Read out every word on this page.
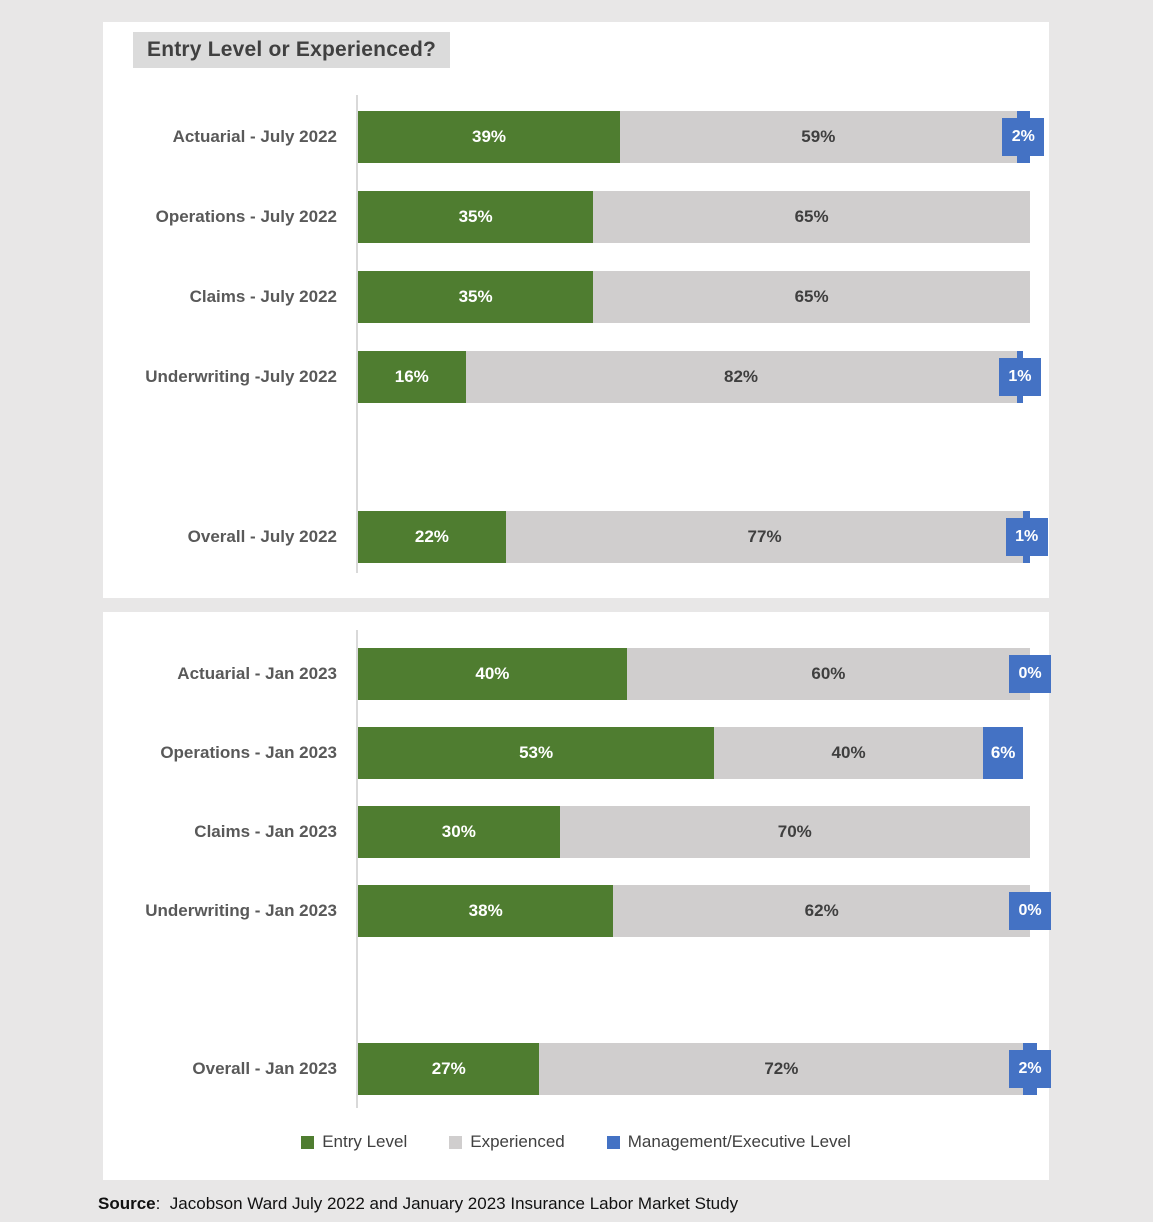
Entry Level or Experienced?
Actuarial - July 2022	39%	59%	2%
Operations - July 2022	35%	65%
Claims - July 2022	35%	65%
Underwriting -July 2022	16%	82%	1%
Overall - July 2022	22%	77%	1%
Actuarial - Jan 2023	40%	60%	0%
Operations - Jan 2023	53%	40%	6%
Claims - Jan 2023	30%	70%
Underwriting - Jan 2023	38%	62%	0%
Overall - Jan 2023	27%	72%	2%
Entry Level	Experienced	Management/Executive Level
Source:  Jacobson Ward July 2022 and January 2023 Insurance Labor Market Study
